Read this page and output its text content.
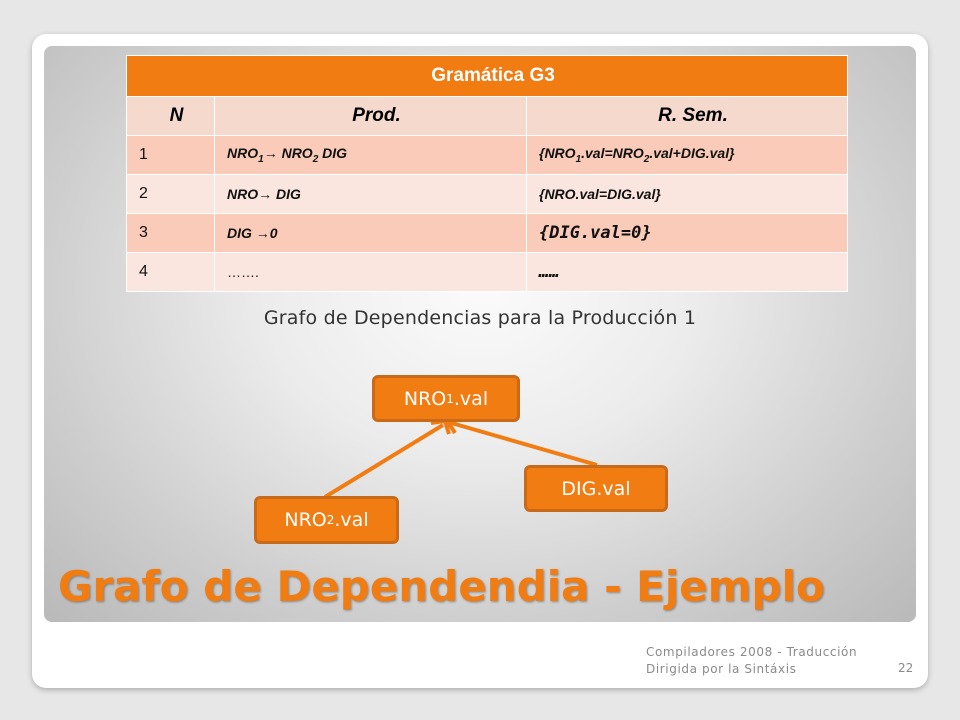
Gramática G3		
N	Prod.	R. Sem.
1	$NRO_1\to NRO_2$ DIG	$\{NRO_1.val=NRO_2.val+DIG.val\}$
2	NRO→ DIG	{NRO.val=DIG.val}
3	DIG →0	{DIG.val=0}
4	…….	……
Grafo de Dependencias para la Producción 1
NRO 1 .val
DIG.val
NRO 2 .val
Grafo de Dependendia - Ejemplo
Compiladores 2008 - Traducción
Dirigida por la Sintáxis	22
